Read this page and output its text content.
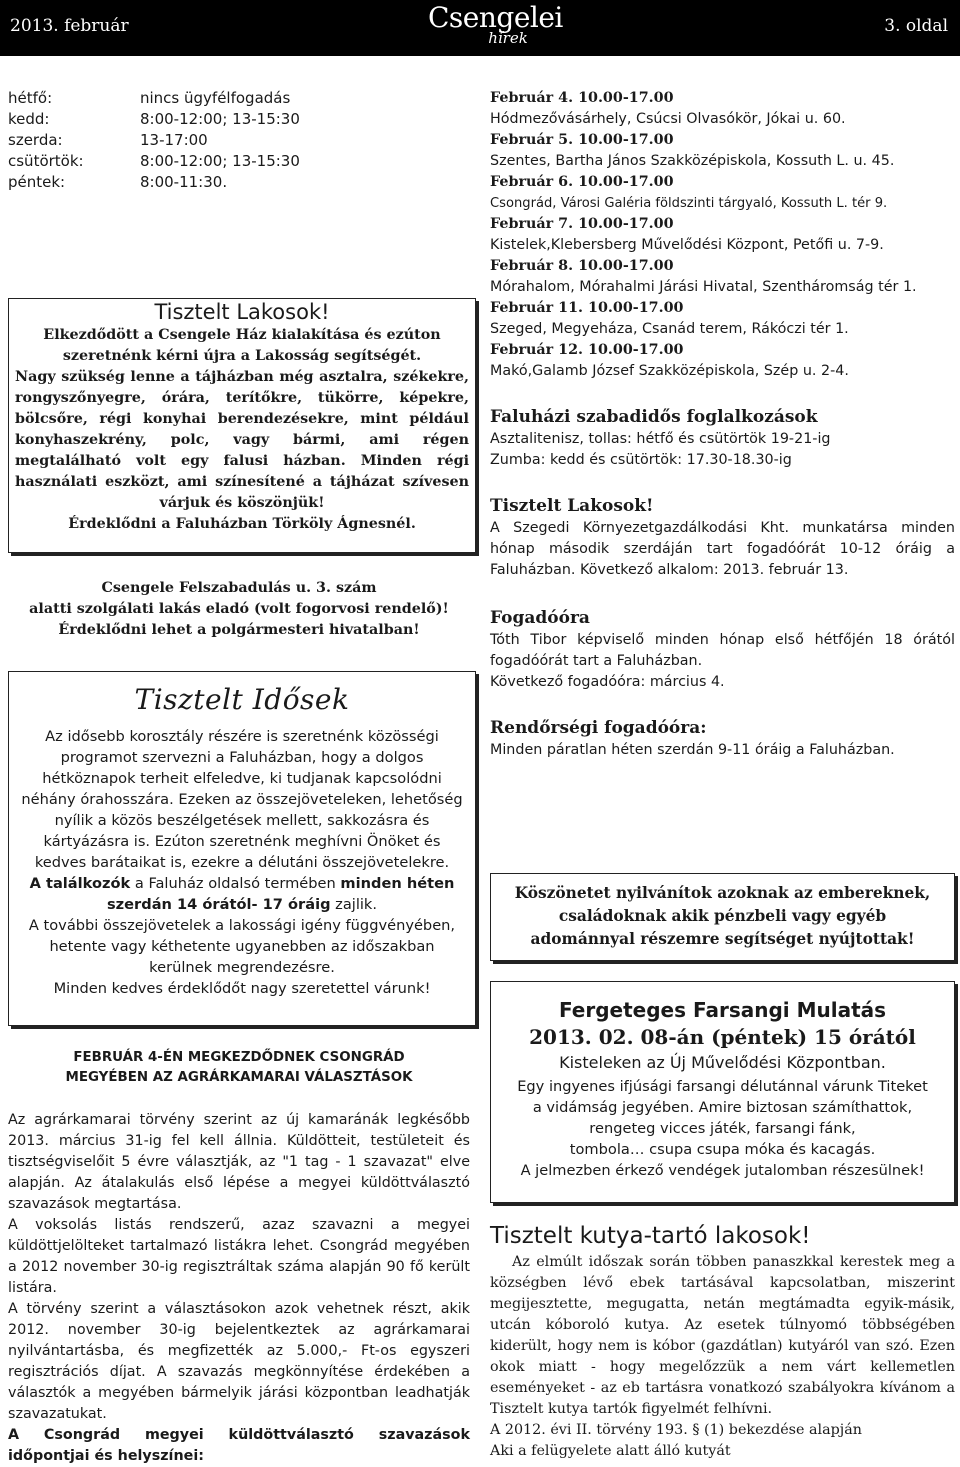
2013. február	Csengelei
hírek
3. oldal
hétfő:	nincs ügyfélfogadás
kedd:	8:00-12:00; 13-15:30
szerda:	13-17:00
csütörtök:	8:00-12:00; 13-15:30
péntek:	8:00-11:30.
Tisztelt Lakosok!

Elkezdődött a Csengele Ház kialakítása és ezúton szeretnénk kérni újra a Lakosság segítségét.

Nagy szükség lenne a tájházban még asztalra, székekre, rongyszőnyegre, órára, terítőkre, tükörre, képekre, bölcsőre, régi konyhai berendezésekre, mint például konyhaszekrény, polc, vagy bármi, ami régen megtalálható volt egy falusi házban. Minden régi használati eszközt, ami színesítené a tájházat szívesen várjuk és köszönjük!

Érdeklődni a Faluházban Törköly Ágnesnél.

Csengele Felszabadulás u. 3. szám
alatti szolgálati lakás eladó (volt fogorvosi rendelő)!
Érdeklődni lehet a polgármesteri hivatalban!
Tisztelt Idősek

Az idősebb korosztály részére is szeretnénk közösségi programot szervezni a Faluházban, hogy a dolgos hétköznapok terheit elfeledve, ki tudjanak kapcsolódni néhány órahosszára. Ezeken az összejöveteleken, lehetőség nyílik a közös beszélgetések mellett, sakkozásra és kártyázásra is. Ezúton szeretnénk meghívni Önöket és kedves barátaikat is, ezekre a délutáni összejövetelekre.

A találkozók a Faluház oldalsó termében minden héten szerdán 14 órától- 17 óráig zajlik.

A további összejövetelek a lakossági igény függvényében, hetente vagy kéthetente ugyanebben az időszakban kerülnek megrendezésre.

Minden kedves érdeklődőt nagy szeretettel várunk!

FEBRUÁR 4-ÉN MEGKEZDŐDNEK CSONGRÁD
MEGYÉBEN AZ AGRÁRKAMARAI VÁLASZTÁSOK

Az agrárkamarai törvény szerint az új kamaránák legkésőbb 2013. március 31-ig fel kell állnia. Küldötteit, testületeit és tisztségviselőit 5 évre választják, az "1 tag - 1 szavazat" elve alapján. Az átalakulás első lépése a megyei küldöttválasztó szavazások megtartása.

A voksolás listás rendszerű, azaz szavazni a megyei küldöttjelölteket tartalmazó listákra lehet. Csongrád megyében a 2012 november 30-ig regisztráltak száma alapján 90 fő került listára.

A törvény szerint a választásokon azok vehetnek részt, akik 2012. november 30-ig bejelentkeztek az agrárkamarai nyilvántartásba, és megfizették az 5.000,- Ft-os egyszeri regisztrációs díjat. A szavazás megkönnyítése érdekében a választók a megyében bármelyik járási központban leadhatják szavazatukat.

A Csongrád megyei küldöttválasztó szavazások időpontjai és helyszínei:

Február 4. 10.00-17.00
Hódmezővásárhely, Csúcsi Olvasókör, Jókai u. 60.
Február 5. 10.00-17.00
Szentes, Bartha János Szakközépiskola, Kossuth L. u. 45.
Február 6. 10.00-17.00
Csongrád, Városi Galéria földszinti tárgyaló, Kossuth L. tér 9.
Február 7. 10.00-17.00
Kistelek,Klebersberg Művelődési Központ, Petőfi u. 7-9.
Február 8. 10.00-17.00
Mórahalom, Mórahalmi Járási Hivatal, Szentháromság tér 1.
Február 11. 10.00-17.00
Szeged, Megyeháza, Csanád terem, Rákóczi tér 1.
Február 12. 10.00-17.00
Makó,Galamb József Szakközépiskola, Szép u. 2-4.
Faluházi szabadidős foglalkozások

Asztalitenisz, tollas: hétfő és csütörtök 19-21-ig

Zumba: kedd és csütörtök: 17.30-18.30-ig

Tisztelt Lakosok!

A Szegedi Környezetgazdálkodási Kht. munkatársa minden hónap második szerdáján tart fogadóórát 10-12 óráig a Faluházban. Következő alkalom: 2013. február 13.

Fogadóóra

Tóth Tibor képviselő minden hónap első hétfőjén 18 órától fogadóórát tart a Faluházban.

Következő fogadóóra: március 4.

Rendőrségi fogadóóra:

Minden páratlan héten szerdán 9-11 óráig a Faluházban.

Köszönetet nyilvánítok azoknak az embereknek,
családoknak akik pénzbeli vagy egyéb
adománnyal részemre segítséget nyújtottak!
Fergeteges Farsangi Mulatás
2013. 02. 08-án (péntek) 15 órától
Kisteleken az Új Művelődési Központban.
Egy ingyenes ifjúsági farsangi délutánnal várunk Titeket
a vidámság jegyében. Amire biztosan számíthattok,
rengeteg vicces játék, farsangi fánk,
tombola… csupa csupa móka és kacagás.
A jelmezben érkező vendégek jutalomban részesülnek!
Tisztelt kutya-tartó lakosok!

Az elmúlt időszak során többen panaszkkal kerestek meg a községben lévő ebek tartásával kapcsolatban, miszerint megijesztette, megugatta, netán megtámadta egyik-másik, utcán kóboroló kutya. Az esetek túlnyomó többségében kiderült, hogy nem is kóbor (gazdátlan) kutyáról van szó. Ezen okok miatt - hogy megelőzzük a nem várt kellemetlen eseményeket - az eb tartásra vonatkozó szabályokra kívánom a Tisztelt kutya tartók figyelmét felhívni.

A 2012. évi II. törvény 193. § (1) bekezdése alapján

Aki a felügyelete alatt álló kutyát
